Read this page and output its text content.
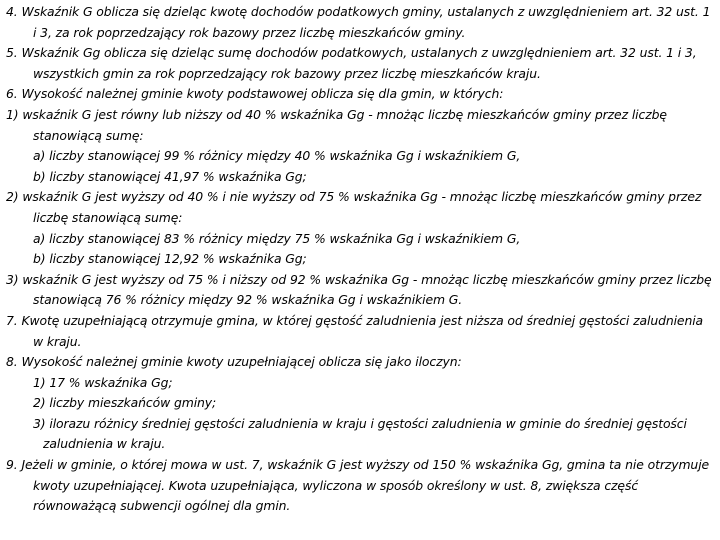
4. Wskaźnik G oblicza się dzieląc kwotę dochodów podatkowych gminy, ustalanych z uwzględnieniem art. 32 ust. 1 i 3, za rok poprzedzający rok bazowy przez liczbę mieszkańców gminy.

5. Wskaźnik Gg oblicza się dzieląc sumę dochodów podatkowych, ustalanych z uwzględnieniem art. 32 ust. 1 i 3, wszystkich gmin za rok poprzedzający rok bazowy przez liczbę mieszkańców kraju.

6. Wysokość należnej gminie kwoty podstawowej oblicza się dla gmin, w których:

1) wskaźnik G jest równy lub niższy od 40 % wskaźnika Gg - mnożąc liczbę mieszkańców gminy przez liczbę stanowiącą sumę:

a) liczby stanowiącej 99 % różnicy między 40 % wskaźnika Gg i wskaźnikiem G,

b) liczby stanowiącej 41,97 % wskaźnika Gg;

2) wskaźnik G jest wyższy od 40 % i nie wyższy od 75 % wskaźnika Gg - mnożąc liczbę mieszkańców gminy przez liczbę stanowiącą sumę:

a) liczby stanowiącej 83 % różnicy między 75 % wskaźnika Gg i wskaźnikiem G,

b) liczby stanowiącej 12,92 % wskaźnika Gg;

3) wskaźnik G jest wyższy od 75 % i niższy od 92 % wskaźnika Gg - mnożąc liczbę mieszkańców gminy przez liczbę stanowiącą 76 % różnicy między 92 % wskaźnika Gg i wskaźnikiem G.

7. Kwotę uzupełniającą otrzymuje gmina, w której gęstość zaludnienia jest niższa od średniej gęstości zaludnienia w kraju.

8. Wysokość należnej gminie kwoty uzupełniającej oblicza się jako iloczyn:

1) 17 % wskaźnika Gg;

2) liczby mieszkańców gminy;

3) ilorazu różnicy średniej gęstości zaludnienia w kraju i gęstości zaludnienia w gminie do średniej gęstości zaludnienia w kraju.

9. Jeżeli w gminie, o której mowa w ust. 7, wskaźnik G jest wyższy od 150 % wskaźnika Gg, gmina ta nie otrzymuje kwoty uzupełniającej. Kwota uzupełniająca, wyliczona w sposób określony w ust. 8, zwiększa część równoważącą subwencji ogólnej dla gmin.
